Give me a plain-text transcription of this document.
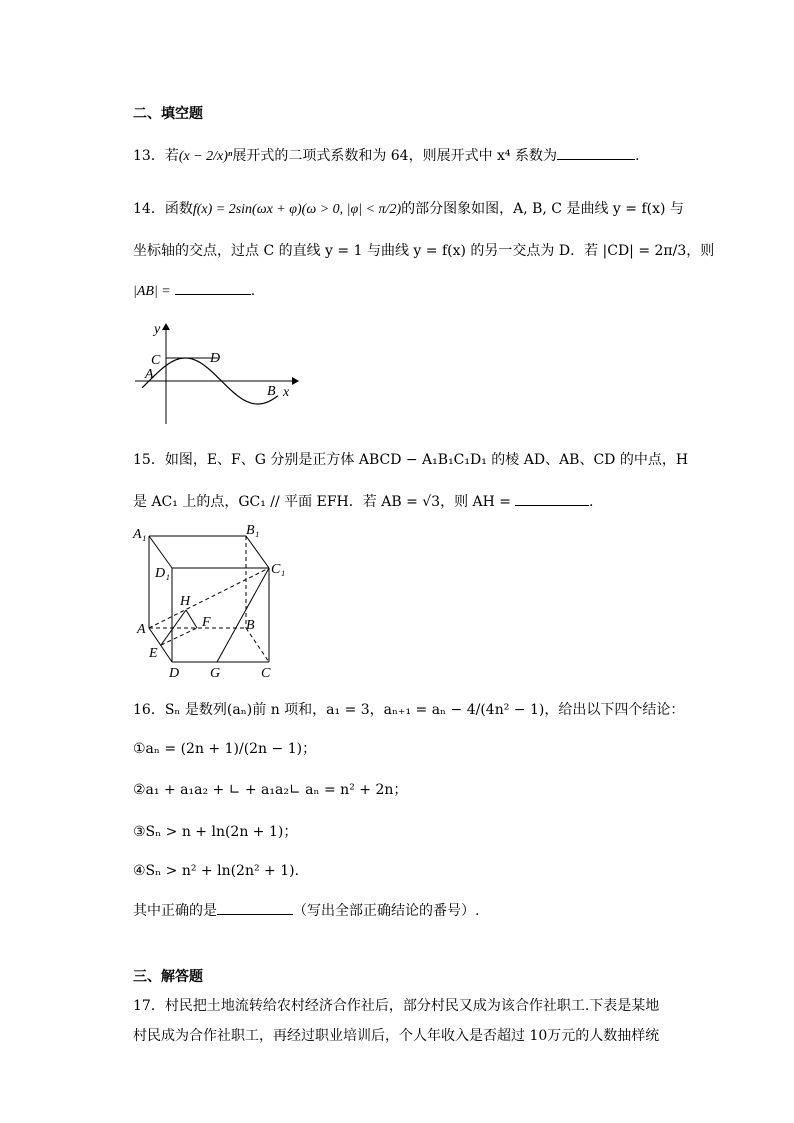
二、填空题
13．若(x − 2/x)ⁿ展开式的二项式系数和为 64，则展开式中 x⁴ 系数为	.
14．函数f(x) = 2sin(ωx + φ)(ω > 0, |φ| < π/2)的部分图象如图，A, B, C 是曲线 y = f(x) 与
坐标轴的交点，过点 C 的直线 y = 1 与曲线 y = f(x) 的另一交点为 D．若 |CD| = 2π/3，则
|AB| =	.
y
x
C	D
A
B
15．如图，E、F、G 分别是正方体 ABCD − A₁B₁C₁D₁ 的棱 AD、AB、CD 的中点，H
是 AC₁ 上的点，GC₁ // 平面 EFH．若 AB = √3，则 AH =	.
A₁	B₁
D₁	C₁
H
A	F	B
E
D G	C
16．Sₙ 是数列(aₙ)前 n 项和，a₁ = 3，aₙ₊₁ = aₙ − 4/(4n² − 1)，给出以下四个结论：
①aₙ = (2n + 1)/(2n − 1)；
②a₁ + a₁a₂ + ∟ + a₁a₂∟ aₙ = n² + 2n；
③Sₙ > n + ln(2n + 1)；
④Sₙ > n² + ln(2n² + 1).
其中正确的是	（写出全部正确结论的番号）.
三、解答题
17．村民把土地流转给农村经济合作社后，部分村民又成为该合作社职工.下表是某地
村民成为合作社职工，再经过职业培训后，个人年收入是否超过 10万元的人数抽样统
